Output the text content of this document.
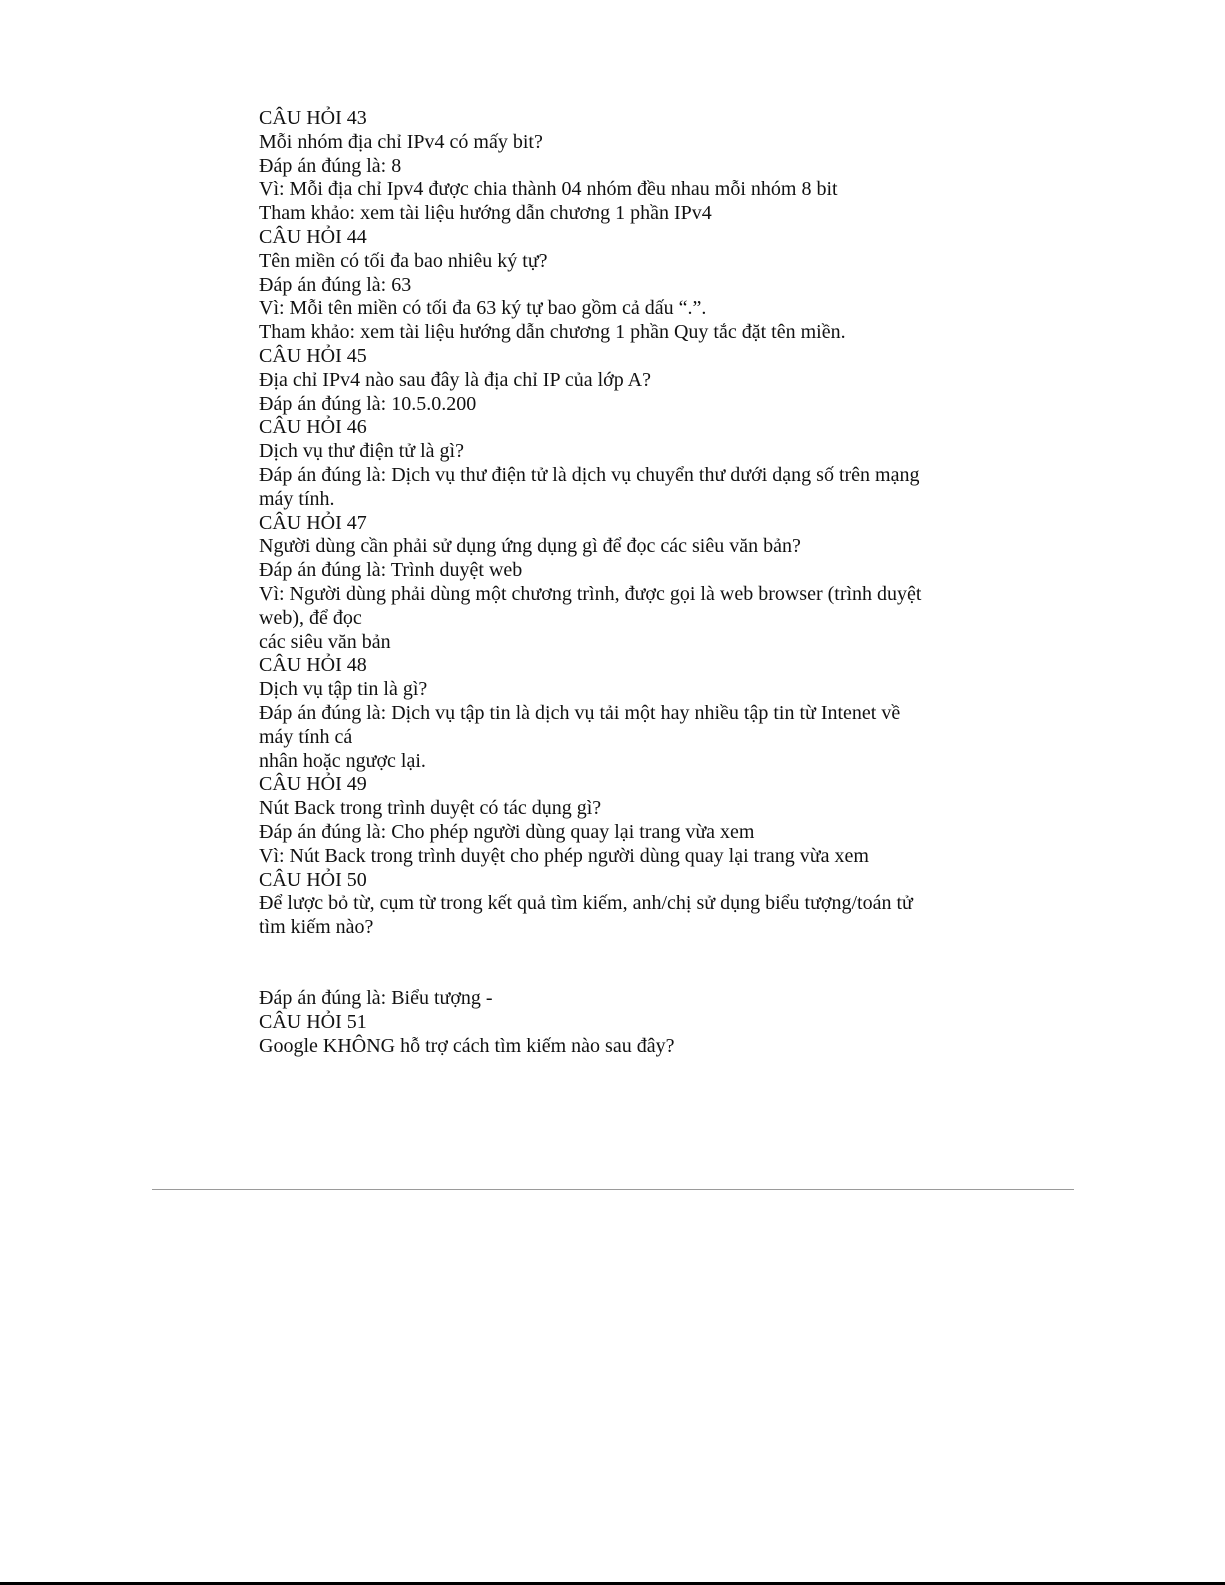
CÂU HỎI 43

Mỗi nhóm địa chỉ IPv4 có mấy bit?

Đáp án đúng là: 8

Vì: Mỗi địa chỉ Ipv4 được chia thành 04 nhóm đều nhau mỗi nhóm 8 bit

Tham khảo: xem tài liệu hướng dẫn chương 1 phần IPv4

CÂU HỎI 44

Tên miền có tối đa bao nhiêu ký tự?

Đáp án đúng là: 63

Vì: Mỗi tên miền có tối đa 63 ký tự bao gồm cả dấu “.”.

Tham khảo: xem tài liệu hướng dẫn chương 1 phần Quy tắc đặt tên miền.

CÂU HỎI 45

Địa chỉ IPv4 nào sau đây là địa chỉ IP của lớp A?

Đáp án đúng là: 10.5.0.200

CÂU HỎI 46

Dịch vụ thư điện tử là gì?

Đáp án đúng là: Dịch vụ thư điện tử là dịch vụ chuyển thư dưới dạng số trên mạng

máy tính.

CÂU HỎI 47

Người dùng cần phải sử dụng ứng dụng gì để đọc các siêu văn bản?

Đáp án đúng là: Trình duyệt web

Vì: Người dùng phải dùng một chương trình, được gọi là web browser (trình duyệt

web), để đọc

các siêu văn bản

CÂU HỎI 48

Dịch vụ tập tin là gì?

Đáp án đúng là: Dịch vụ tập tin là dịch vụ tải một hay nhiều tập tin từ Intenet về

máy tính cá

nhân hoặc ngược lại.

CÂU HỎI 49

Nút Back trong trình duyệt có tác dụng gì?

Đáp án đúng là: Cho phép người dùng quay lại trang vừa xem

Vì: Nút Back trong trình duyệt cho phép người dùng quay lại trang vừa xem

CÂU HỎI 50

Để lược bỏ từ, cụm từ trong kết quả tìm kiếm, anh/chị sử dụng biểu tượng/toán tử

tìm kiếm nào?

Đáp án đúng là: Biểu tượng -

CÂU HỎI 51

Google KHÔNG hỗ trợ cách tìm kiếm nào sau đây?
